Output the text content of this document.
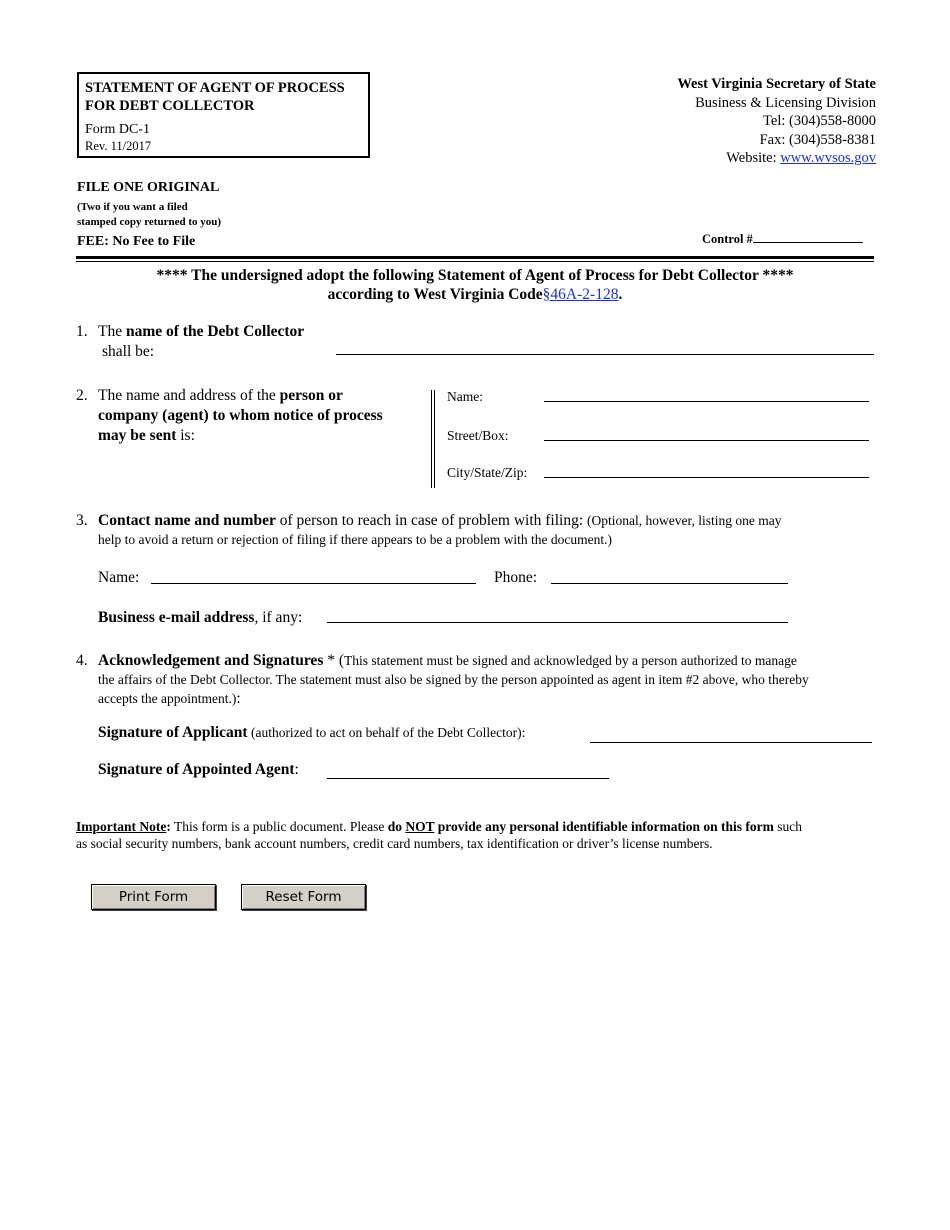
STATEMENT OF AGENT OF PROCESS
FOR DEBT COLLECTOR
Form DC-1
Rev. 11/2017
West Virginia Secretary of State
Business & Licensing Division
Tel: (304)558-8000
Fax: (304)558-8381
Website: www.wvsos.gov
FILE ONE ORIGINAL
(Two if you want a filed
stamped copy returned to you)
FEE: No Fee to File	Control #
**** The undersigned adopt the following Statement of Agent of Process for Debt Collector ****
according to West Virginia Code§46A-2-128.
1. The name of the Debt Collector
shall be:
2. The name and address of the person or
company (agent) to whom notice of process
may be sent is:
Name:
Street/Box:
City/State/Zip:
3. Contact name and number of person to reach in case of problem with filing: (Optional, however, listing one may
help to avoid a return or rejection of filing if there appears to be a problem with the document.)
Name:	Phone:
Business e-mail address, if any:
4. Acknowledgement and Signatures * (This statement must be signed and acknowledged by a person authorized to manage
the affairs of the Debt Collector. The statement must also be signed by the person appointed as agent in item #2 above, who thereby
accepts the appointment.):
Signature of Applicant (authorized to act on behalf of the Debt Collector):
Signature of Appointed Agent:
Important Note: This form is a public document. Please do NOT provide any personal identifiable information on this form such
as social security numbers, bank account numbers, credit card numbers, tax identification or driver’s license numbers.
Print Form	Reset Form
